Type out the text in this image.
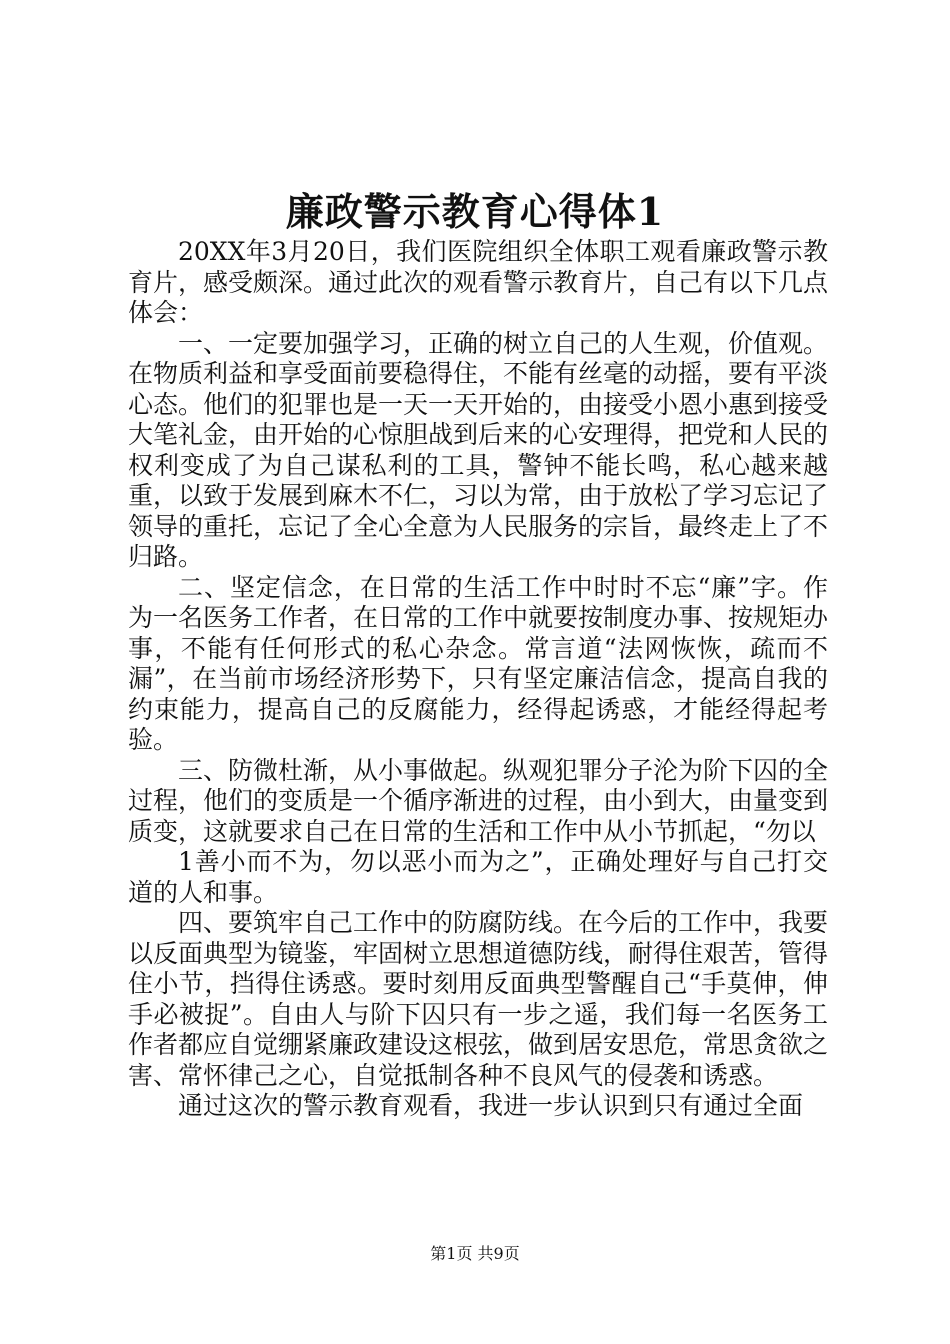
廉政警示教育心得体1

20XX年3月20日，我们医院组织全体职工观看廉政警示教育片，感受颇深。通过此次的观看警示教育片，自己有以下几点体会：

一、一定要加强学习，正确的树立自己的人生观，价值观。在物质利益和享受面前要稳得住，不能有丝毫的动摇，要有平淡心态。他们的犯罪也是一天一天开始的，由接受小恩小惠到接受大笔礼金，由开始的心惊胆战到后来的心安理得，把党和人民的权利变成了为自己谋私利的工具，警钟不能长鸣，私心越来越重，以致于发展到麻木不仁，习以为常，由于放松了学习忘记了领导的重托，忘记了全心全意为人民服务的宗旨，最终走上了不归路。

二、坚定信念，在日常的生活工作中时时不忘“廉”字。作为一名医务工作者，在日常的工作中就要按制度办事、按规矩办事，不能有任何形式的私心杂念。常言道“法网恢恢，疏而不漏”，在当前市场经济形势下，只有坚定廉洁信念，提高自我的约束能力，提高自己的反腐能力，经得起诱惑，才能经得起考验。

三、防微杜渐，从小事做起。纵观犯罪分子沦为阶下囚的全过程，他们的变质是一个循序渐进的过程，由小到大，由量变到质变，这就要求自己在日常的生活和工作中从小节抓起，“勿以

1善小而不为，勿以恶小而为之”，正确处理好与自己打交道的人和事。

四、要筑牢自己工作中的防腐防线。在今后的工作中，我要以反面典型为镜鉴，牢固树立思想道德防线，耐得住艰苦，管得住小节，挡得住诱惑。要时刻用反面典型警醒自己“手莫伸，伸手必被捉”。自由人与阶下囚只有一步之遥，我们每一名医务工作者都应自觉绷紧廉政建设这根弦，做到居安思危，常思贪欲之害、常怀律己之心，自觉抵制各种不良风气的侵袭和诱惑。

通过这次的警示教育观看，我进一步认识到只有通过全面

第1页 共9页
